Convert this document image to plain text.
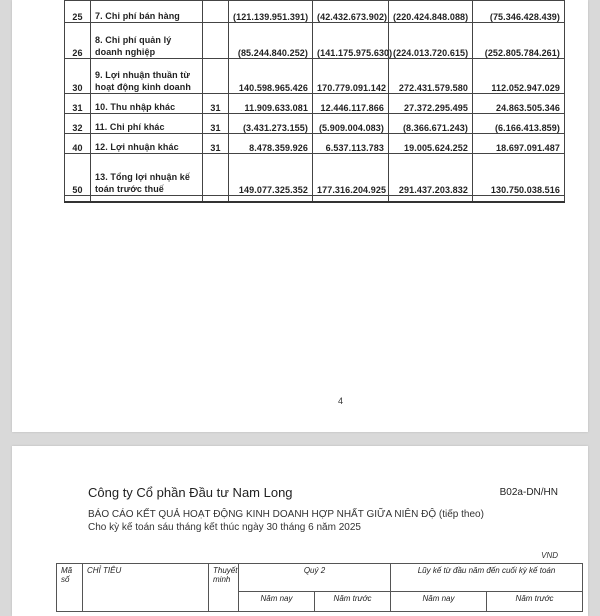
25	7. Chi phí bán hàng		(121.139.951.391)	(42.432.673.902)	(220.424.848.088)	(75.346.428.439)
26	8. Chi phí quản lý doanh nghiệp		(85.244.840.252)	(141.175.975.630)	(224.013.720.615)	(252.805.784.261)
30	9. Lợi nhuận thuần từ hoạt động kinh doanh		140.598.965.426	170.779.091.142	272.431.579.580	112.052.947.029
31	10. Thu nhập khác	31	11.909.633.081	12.446.117.866	27.372.295.495	24.863.505.346
32	11. Chi phí khác	31	(3.431.273.155)	(5.909.004.083)	(8.366.671.243)	(6.166.413.859)
40	12. Lợi nhuận khác	31	8.478.359.926	6.537.113.783	19.005.624.252	18.697.091.487
50	13. Tổng lợi nhuận kế toán trước thuế		149.077.325.352	177.316.204.925	291.437.203.832	130.750.038.516

4
Công ty Cổ phần Đầu tư Nam Long	B02a-DN/HN
BÁO CÁO KẾT QUẢ HOẠT ĐỘNG KINH DOANH HỢP NHẤT GIỮA NIÊN ĐỘ (tiếp theo)
Cho kỳ kế toán sáu tháng kết thúc ngày 30 tháng 6 năm 2025
VND
Mã số	CHỈ TIÊU	Thuyết minh	Quý 2		Lũy kế từ đầu năm đến cuối kỳ kế toán	
			Năm nay	Năm trước	Năm nay	Năm trước
